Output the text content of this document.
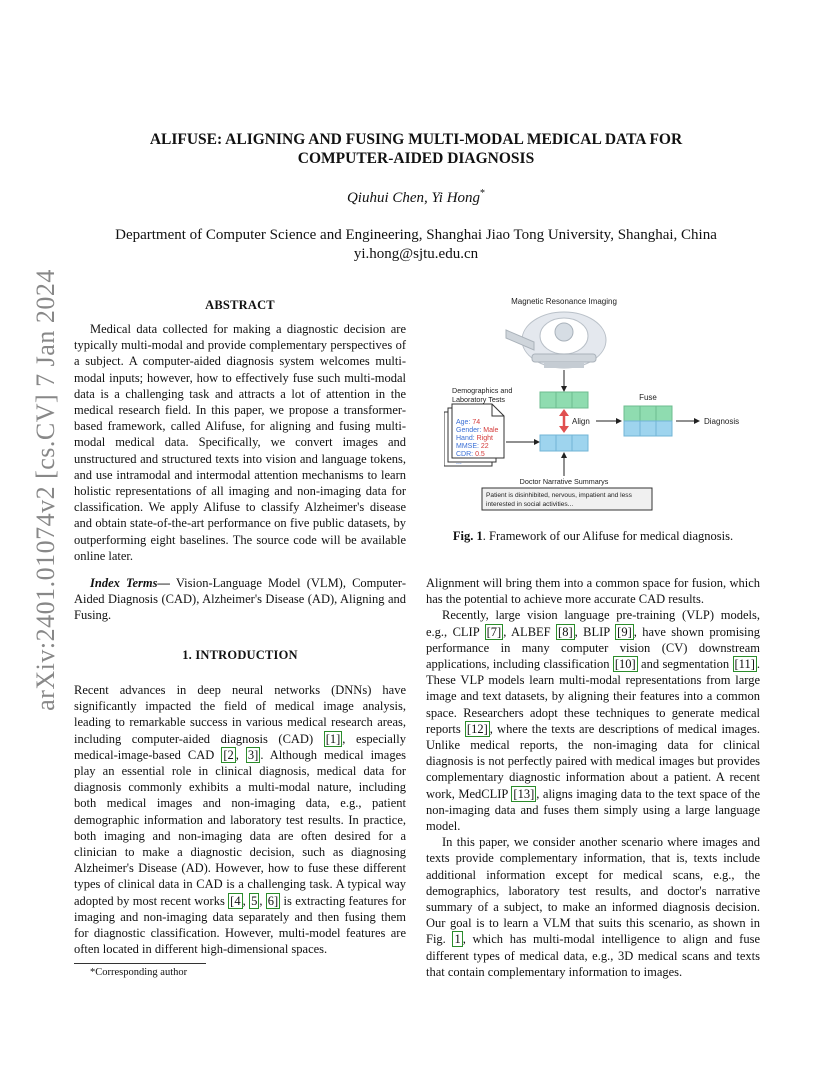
arXiv:2401.01074v2 [cs.CV] 7 Jan 2024
ALIFUSE: ALIGNING AND FUSING MULTI-MODAL MEDICAL DATA FOR
COMPUTER-AIDED DIAGNOSIS
Qiuhui Chen, Yi Hong*
Department of Computer Science and Engineering, Shanghai Jiao Tong University, Shanghai, China
yi.hong@sjtu.edu.cn
ABSTRACT

Medical data collected for making a diagnostic decision are typically multi-modal and provide complementary perspectives of a subject. A computer-aided diagnosis system welcomes multi-modal inputs; however, how to effectively fuse such multi-modal data is a challenging task and attracts a lot of attention in the medical research field. In this paper, we propose a transformer-based framework, called Alifuse, for aligning and fusing multi-modal medical data. Specifically, we convert images and unstructured and structured texts into vision and language tokens, and use intramodal and intermodal attention mechanisms to learn holistic representations of all imaging and non-imaging data for classification. We apply Alifuse to classify Alzheimer's disease and obtain state-of-the-art performance on five public datasets, by outperforming eight baselines. The source code will be available online later.

Index Terms— Vision-Language Model (VLM), Computer-Aided Diagnosis (CAD), Alzheimer's Disease (AD), Aligning and Fusing.

1. INTRODUCTION

Recent advances in deep neural networks (DNNs) have significantly impacted the field of medical image analysis, leading to remarkable success in various medical research areas, including computer-aided diagnosis (CAD) [1] , especially medical-image-based CAD [2 , 3] . Although medical images play an essential role in clinical diagnosis, medical data for diagnosis commonly exhibits a multi-modal nature, including both medical images and non-imaging data, e.g., patient demographic information and laboratory test results. In practice, both imaging and non-imaging data are often desired for a clinician to make a diagnostic decision, such as diagnosing Alzheimer's Disease (AD). However, how to fuse these different types of clinical data in CAD is a challenging task. A typical way adopted by most recent works [4 , 5 , 6] is extracting features for imaging and non-imaging data separately and then fusing them for diagnostic classification. However, multi-model features are often located in different high-dimensional spaces.

*Corresponding author
Magnetic Resonance Imaging
Demographics and
Laboratory Tests
Age: 74
Gender: Male
Hand: Right
MMSE: 22
CDR: 0.5
...
Align
Fuse
Diagnosis
Doctor Narrative Summarys
Patient is disinhibited, nervous, impatient and less
interested in social activities...
Fig. 1. Framework of our Alifuse for medical diagnosis.

Alignment will bring them into a common space for fusion, which has the potential to achieve more accurate CAD results.

Recently, large vision language pre-training (VLP) models, e.g., CLIP [7] , ALBEF [8] , BLIP [9] , have shown promising performance in many computer vision (CV) downstream applications, including classification [10] and segmentation [11] . These VLP models learn multi-modal representations from large image and text datasets, by aligning their features into a common space. Researchers adopt these techniques to generate medical reports [12] , where the texts are descriptions of medical images. Unlike medical reports, the non-imaging data for clinical diagnosis is not perfectly paired with medical images but provides complementary diagnostic information about a patient. A recent work, MedCLIP [13] , aligns imaging data to the text space of the non-imaging data and fuses them simply using a large language model.

In this paper, we consider another scenario where images and texts provide complementary information, that is, texts include additional information except for medical scans, e.g., the demographics, laboratory test results, and doctor's narrative summary of a subject, to make an informed diagnosis decision. Our goal is to learn a VLM that suits this scenario, as shown in Fig. 1 , which has multi-modal intelligence to align and fuse different types of medical data, e.g., 3D medical scans and texts that contain complementary information to images.
